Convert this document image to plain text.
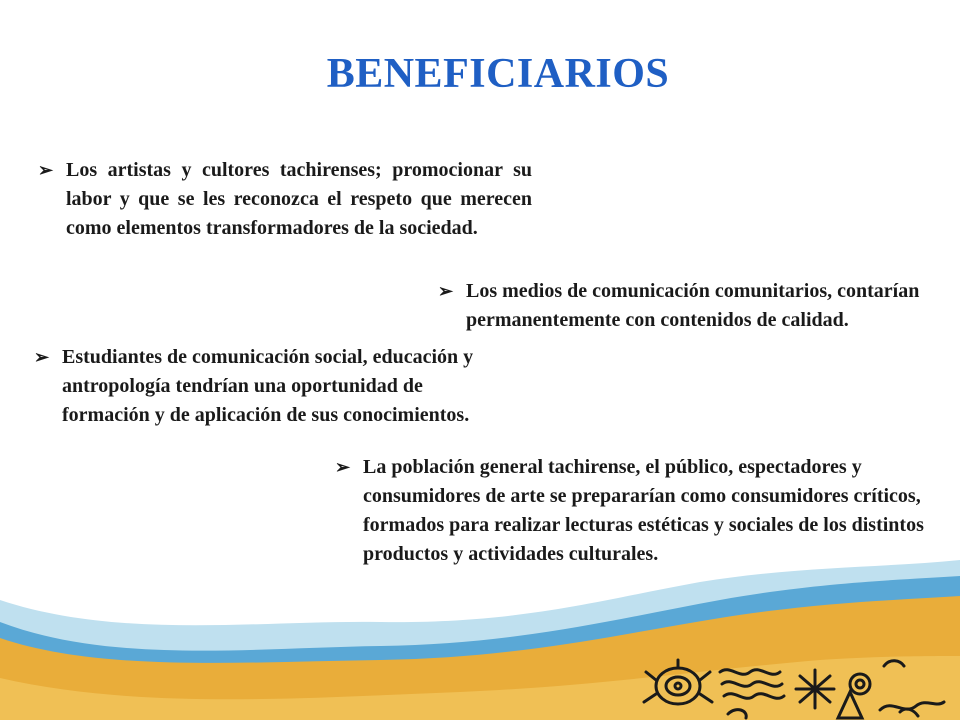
BENEFICIARIOS
➢ Los artistas y cultores tachirenses; promocionar su labor y que se les reconozca el respeto que merecen como elementos transformadores de la sociedad.
➢ Los medios de comunicación comunitarios, contarían permanentemente con contenidos de calidad.
➢ Estudiantes de comunicación social, educación y antropología tendrían una oportunidad de formación y de aplicación de sus conocimientos.
➢ La población general tachirense, el público, espectadores y consumidores de arte se prepararían como consumidores críticos, formados para realizar lecturas estéticas y sociales de los distintos productos y actividades culturales.
